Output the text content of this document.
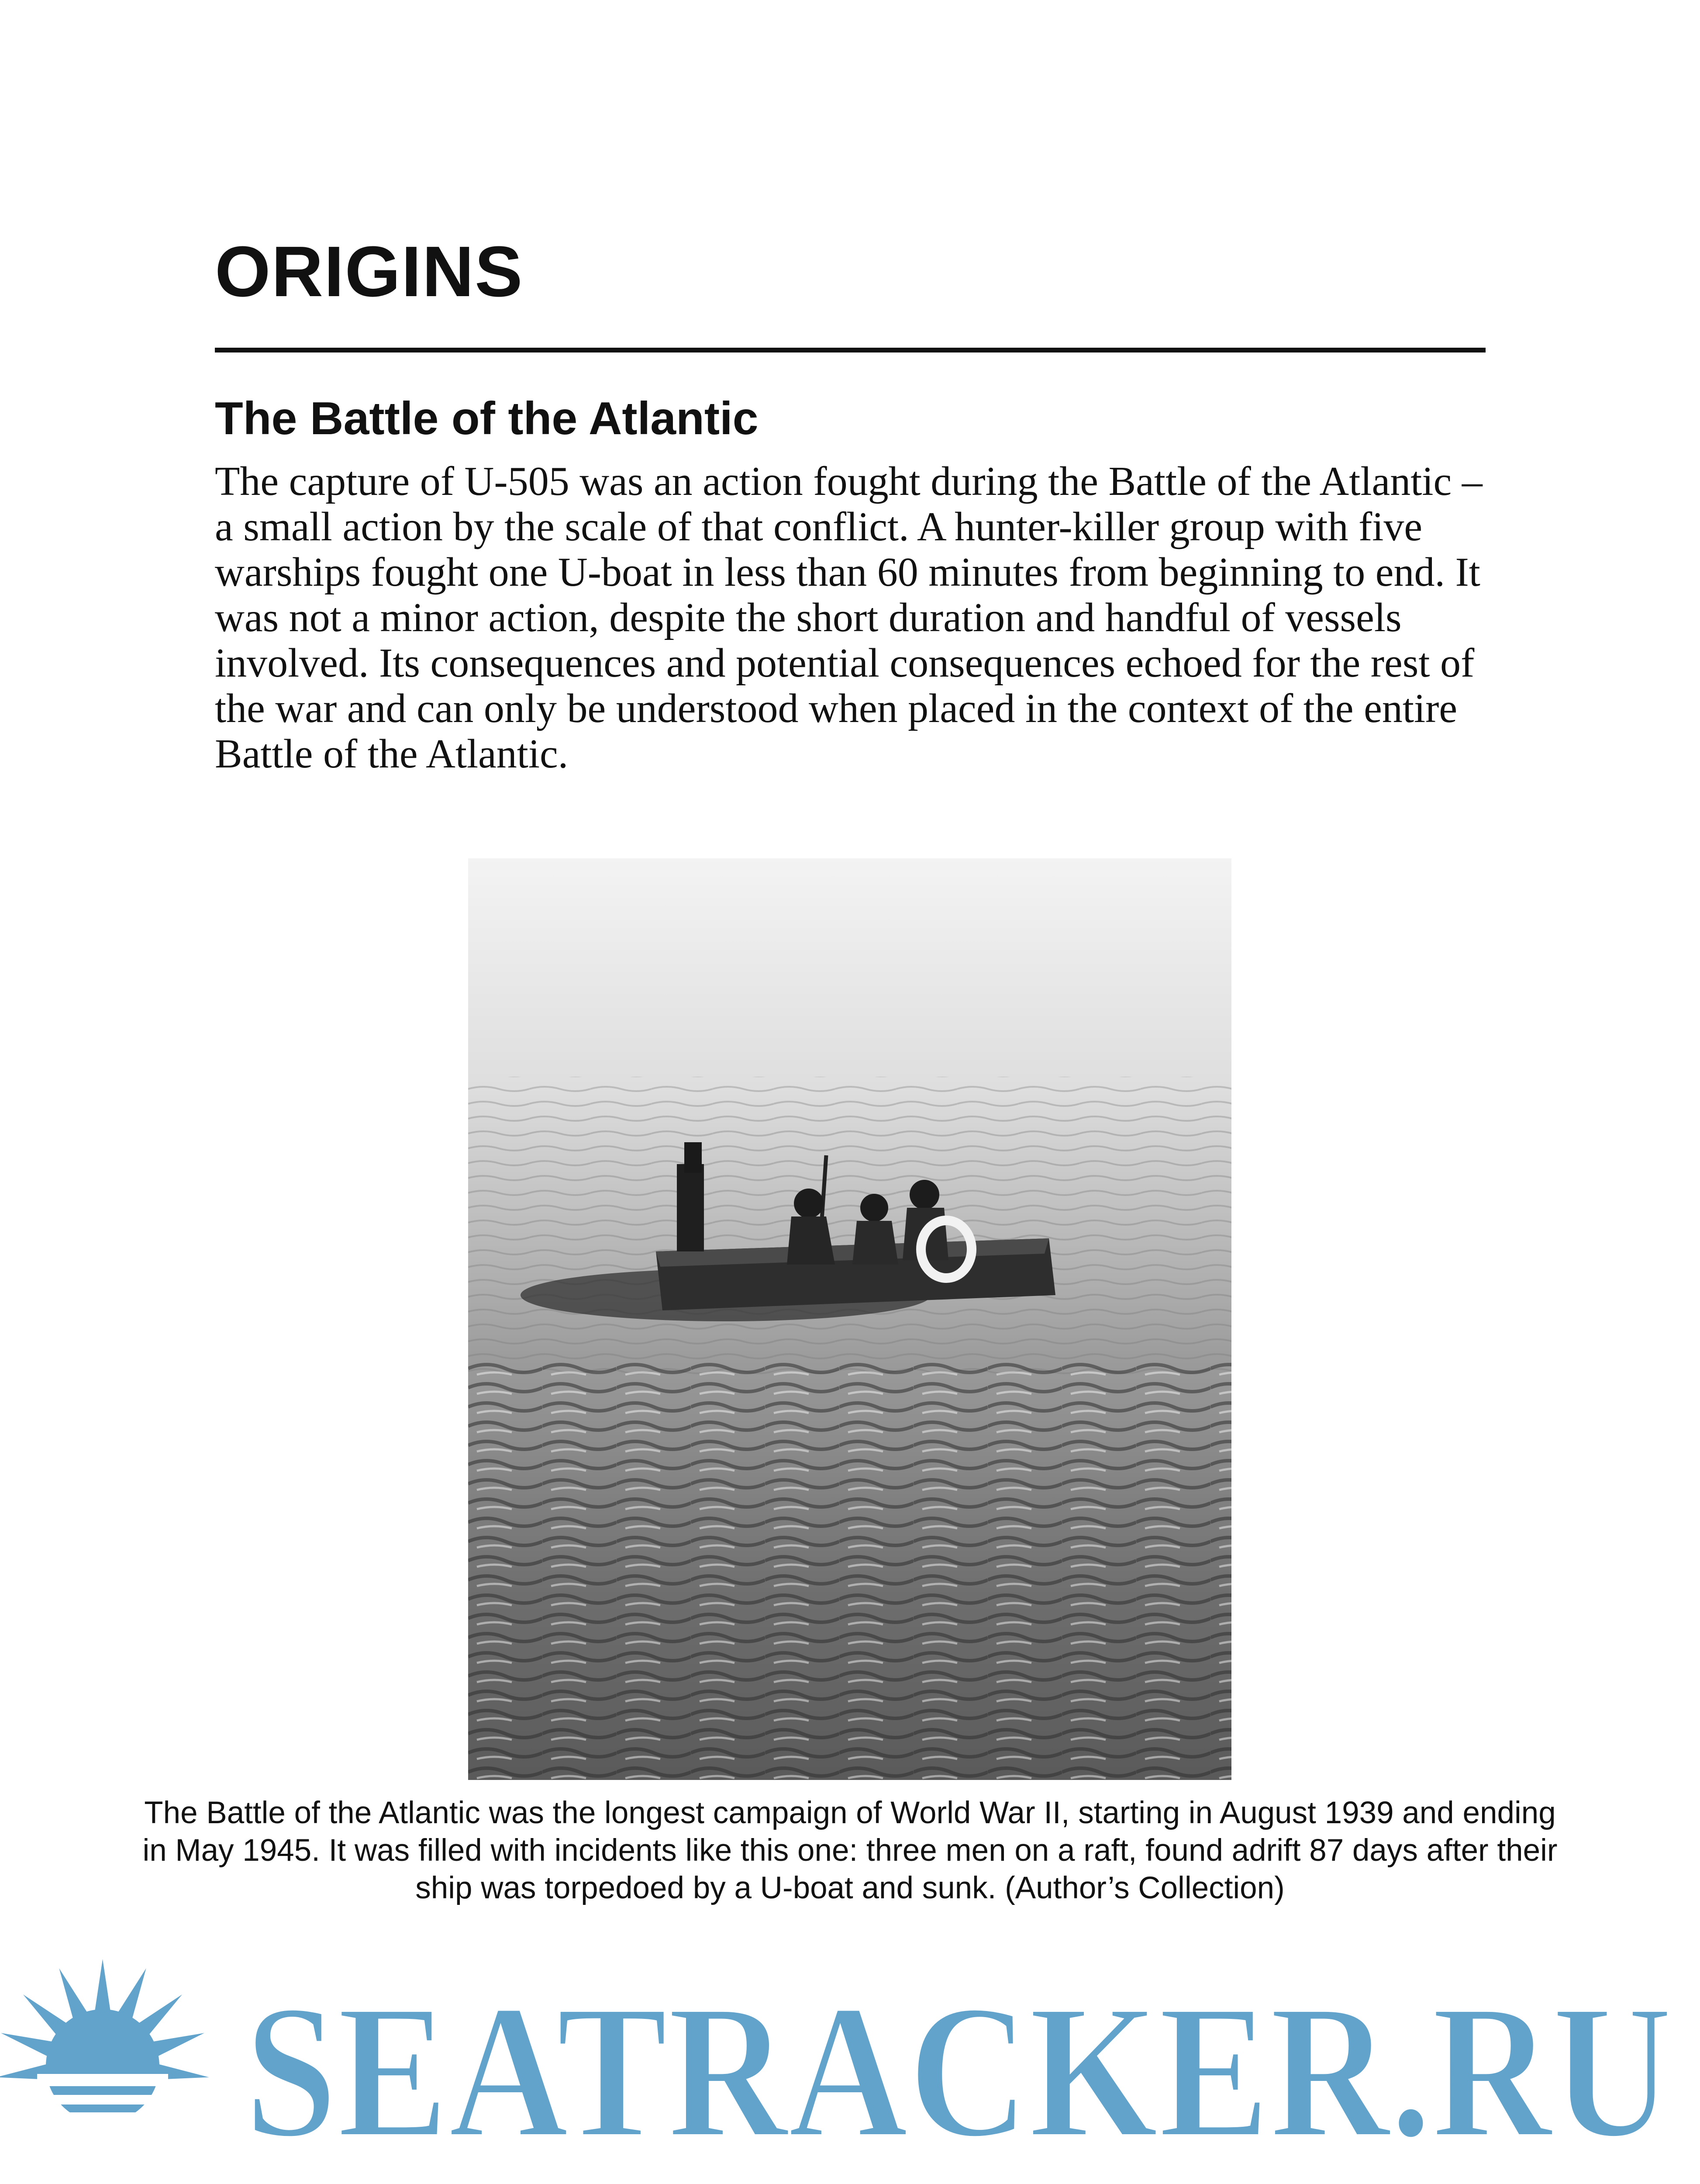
ORIGINS
The Battle of the Atlantic

The capture of U-505 was an action fought during the Battle of the Atlantic – a small action by the scale of that conflict. A hunter-killer group with five warships fought one U-boat in less than 60 minutes from beginning to end. It was not a minor action, despite the short duration and handful of vessels involved. Its consequences and potential consequences echoed for the rest of the war and can only be understood when placed in the context of the entire Battle of the Atlantic.

The Battle of the Atlantic was the longest campaign of World War II, starting in August 1939 and ending in May 1945. It was filled with incidents like this one: three men on a raft, found adrift 87 days after their ship was torpedoed by a U-boat and sunk. (Author’s Collection)

SEATRACKER.RU
